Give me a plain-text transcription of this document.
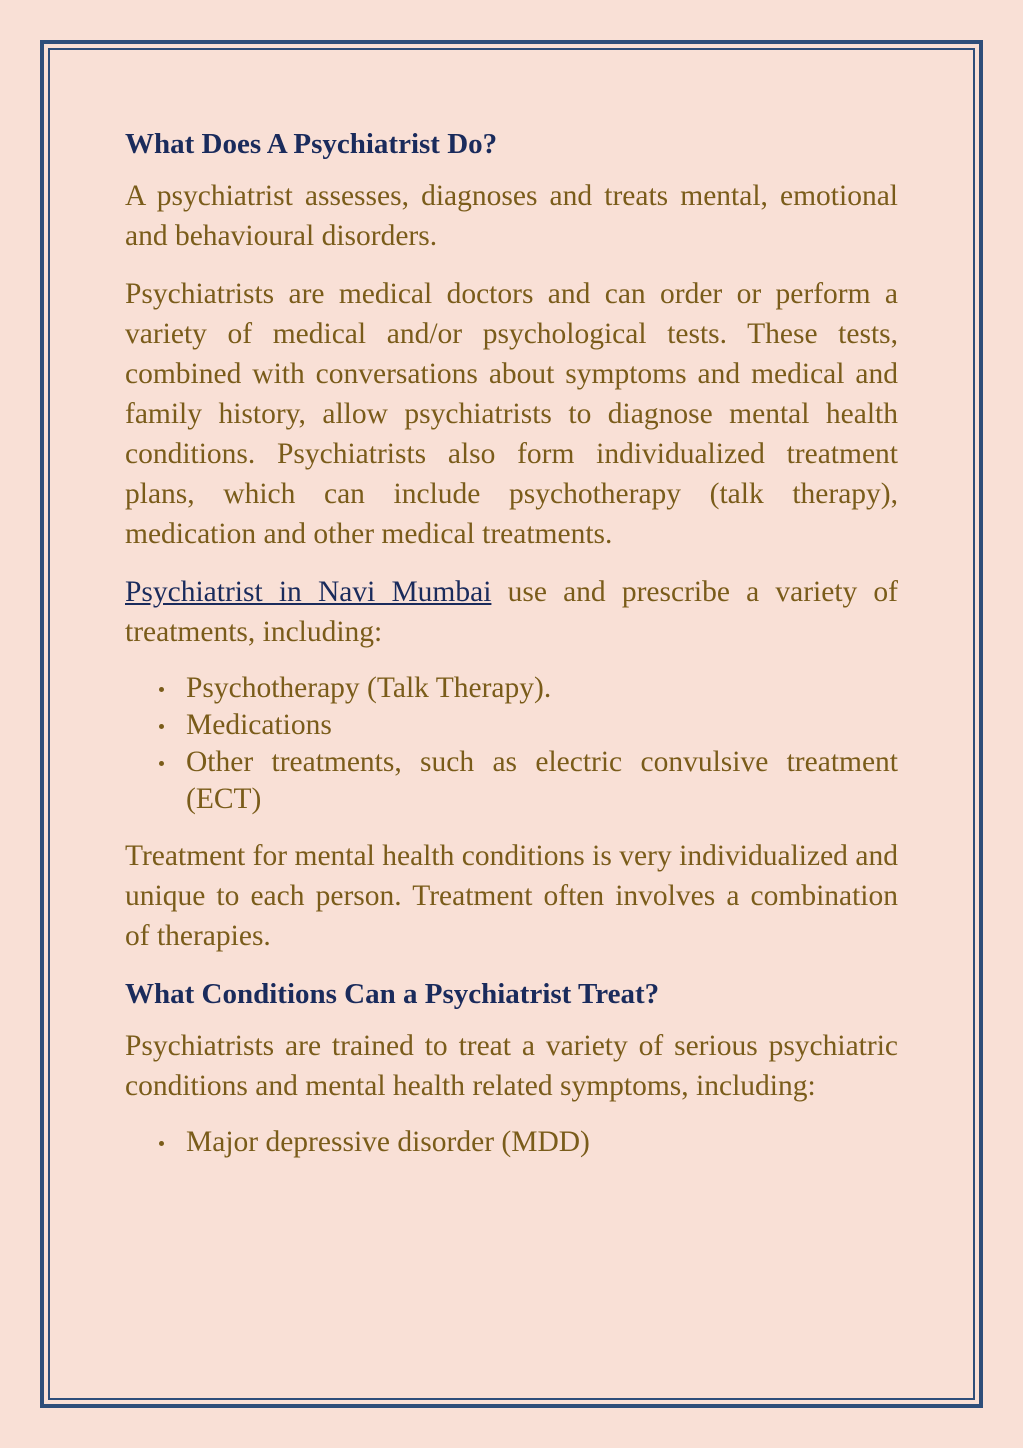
What Does A Psychiatrist Do?

A psychiatrist assesses, diagnoses and treats mental, emotional and behavioural disorders.

Psychiatrists are medical doctors and can order or perform a variety of medical and/or psychological tests. These tests, combined with conversations about symptoms and medical and family history, allow psychiatrists to diagnose mental health conditions. Psychiatrists also form individualized treatment plans, which can include psychotherapy (talk therapy), medication and other medical treatments.

Psychiatrist in Navi Mumbai use and prescribe a variety of treatments, including:

Psychotherapy (Talk Therapy).
Medications
Other treatments, such as electric convulsive treatment (ECT)

Treatment for mental health conditions is very individualized and unique to each person. Treatment often involves a combination of therapies.

What Conditions Can a Psychiatrist Treat?

Psychiatrists are trained to treat a variety of serious psychiatric conditions and mental health related symptoms, including:

Major depressive disorder (MDD)
